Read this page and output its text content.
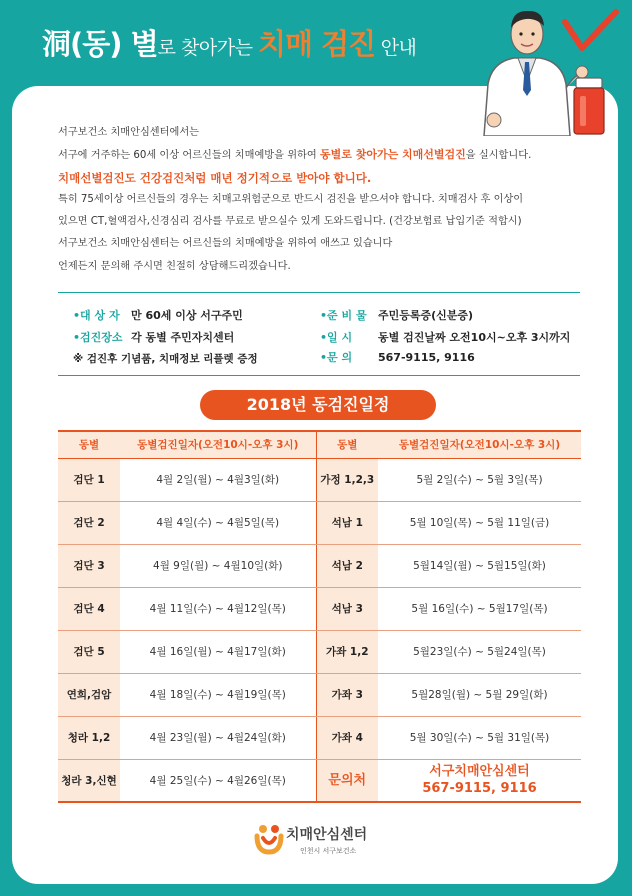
洞(동) 별로 찾아가는 치매 검진 안내

서구보건소 치매안심센터에서는

서구에 거주하는 60세 이상 어르신들의 치매예방을 위하여 동별로 찾아가는 치매선별검진을 실시합니다.

치매선별검진도 건강검진처럼 매년 정기적으로 받아야 합니다.

특히 75세이상 어르신들의 경우는 치매고위험군으로 반드시 검진을 받으셔야 합니다. 치매검사 후 이상이

있으면 CT,혈액검사,신경심리 검사를 무료로 받으실수 있게 도와드립니다. (건강보험료 납입기준 적합시)

서구보건소 치매안심센터는 어르신들의 치매예방을 위하여 애쓰고 있습니다

언제든지 문의해 주시면 친절히 상담해드리겠습니다.

•대 상 자 만 60세 이상 서구주민
•검진장소 각 동별 주민자치센터
※ 검진후 기념품, 치매정보 리플렛 증정
•준 비 물 주민등록증(신분증)
•일 시 동별 검진날짜 오전10시~오후 3시까지
•문 의 567-9115, 9116
2018년 동검진일정
동별	동별검진일자(오전10시-오후 3시)	동별	동별검진일자(오전10시-오후 3시)
검단 1	4월 2일(월) ~ 4월3일(화)	가정 1,2,3	5월 2일(수) ~ 5월 3일(목)
검단 2	4월 4일(수) ~ 4월5일(목)	석남 1	5월 10일(목) ~ 5월 11일(금)
검단 3	4월 9일(월) ~ 4월10일(화)	석남 2	5월14일(월) ~ 5월15일(화)
검단 4	4월 11일(수) ~ 4월12일(목)	석남 3	5월 16일(수) ~ 5월17일(목)
검단 5	4월 16일(월) ~ 4월17일(화)	가좌 1,2	5월23일(수) ~ 5월24일(목)
연희,검암	4월 18일(수) ~ 4월19일(목)	가좌 3	5월28일(월) ~ 5월 29일(화)
청라 1,2	4월 23일(월) ~ 4월24일(화)	가좌 4	5월 30일(수) ~ 5월 31일(목)
청라 3,신현	4월 25일(수) ~ 4월26일(목)	문의처	서구치매안심센터
567-9115, 9116
치매안심센터
인천시 서구보건소
